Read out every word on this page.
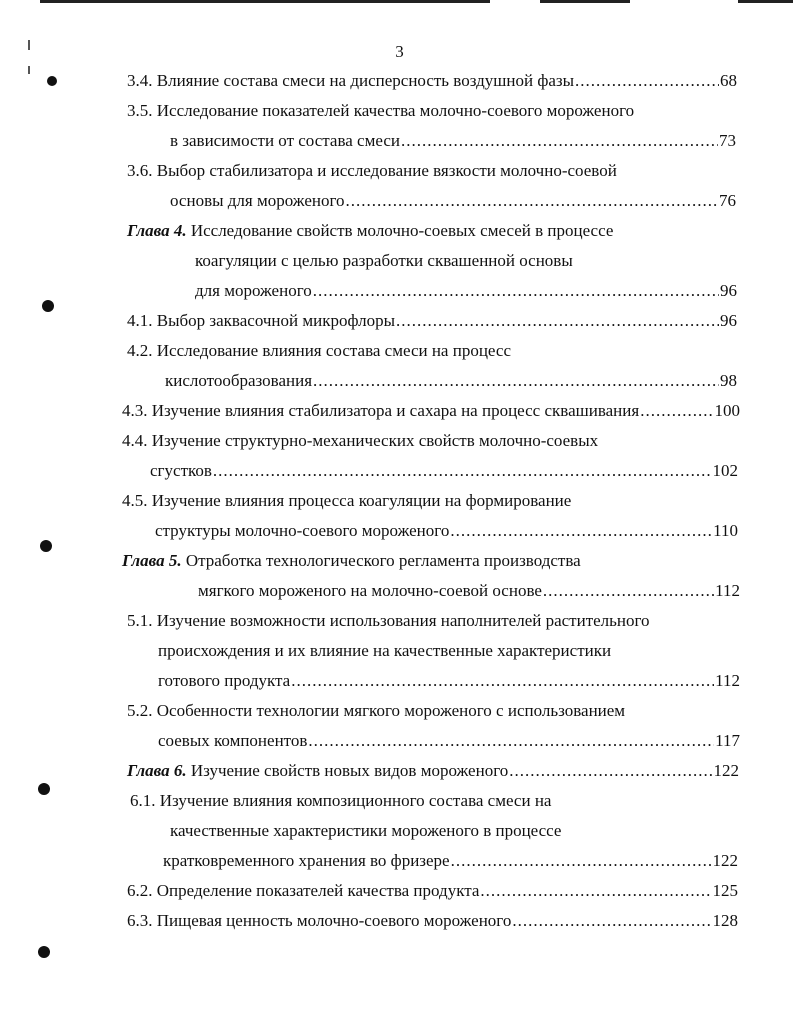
3
3.4. Влияние состава смеси на дисперсность воздушной фазы .....	68
3.5. Исследование показателей качества молочно-соевого мороженого
в зависимости от состава смеси .....	73
3.6. Выбор стабилизатора и исследование вязкости молочно-соевой
основы для мороженого .....	76
Глава 4. Исследование свойств молочно-соевых смесей в процессе
коагуляции с целью разработки сквашенной основы
для мороженого .....	96
4.1. Выбор заквасочной микрофлоры .....	96
4.2. Исследование влияния состава смеси на процесс
кислотообразования .....	98
4.3. Изучение влияния стабилизатора и сахара на процесс сквашивания .....	100
4.4. Изучение структурно-механических свойств молочно-соевых
сгустков .....	102
4.5. Изучение влияния процесса коагуляции на формирование
структуры молочно-соевого мороженого .....	110
Глава 5. Отработка технологического регламента производства
мягкого мороженого на молочно-соевой основе .....	112
5.1. Изучение возможности использования наполнителей растительного
происхождения и их влияние на качественные характеристики
готового продукта .....	112
5.2. Особенности технологии мягкого мороженого с использованием
соевых компонентов .....	117
Глава 6. Изучение свойств новых видов мороженого .....	122
6.1. Изучение влияния композиционного состава смеси на
качественные характеристики мороженого в процессе
кратковременного хранения во фризере .....	122
6.2. Определение показателей качества продукта .....	125
6.3. Пищевая ценность молочно-соевого мороженого .....	128
